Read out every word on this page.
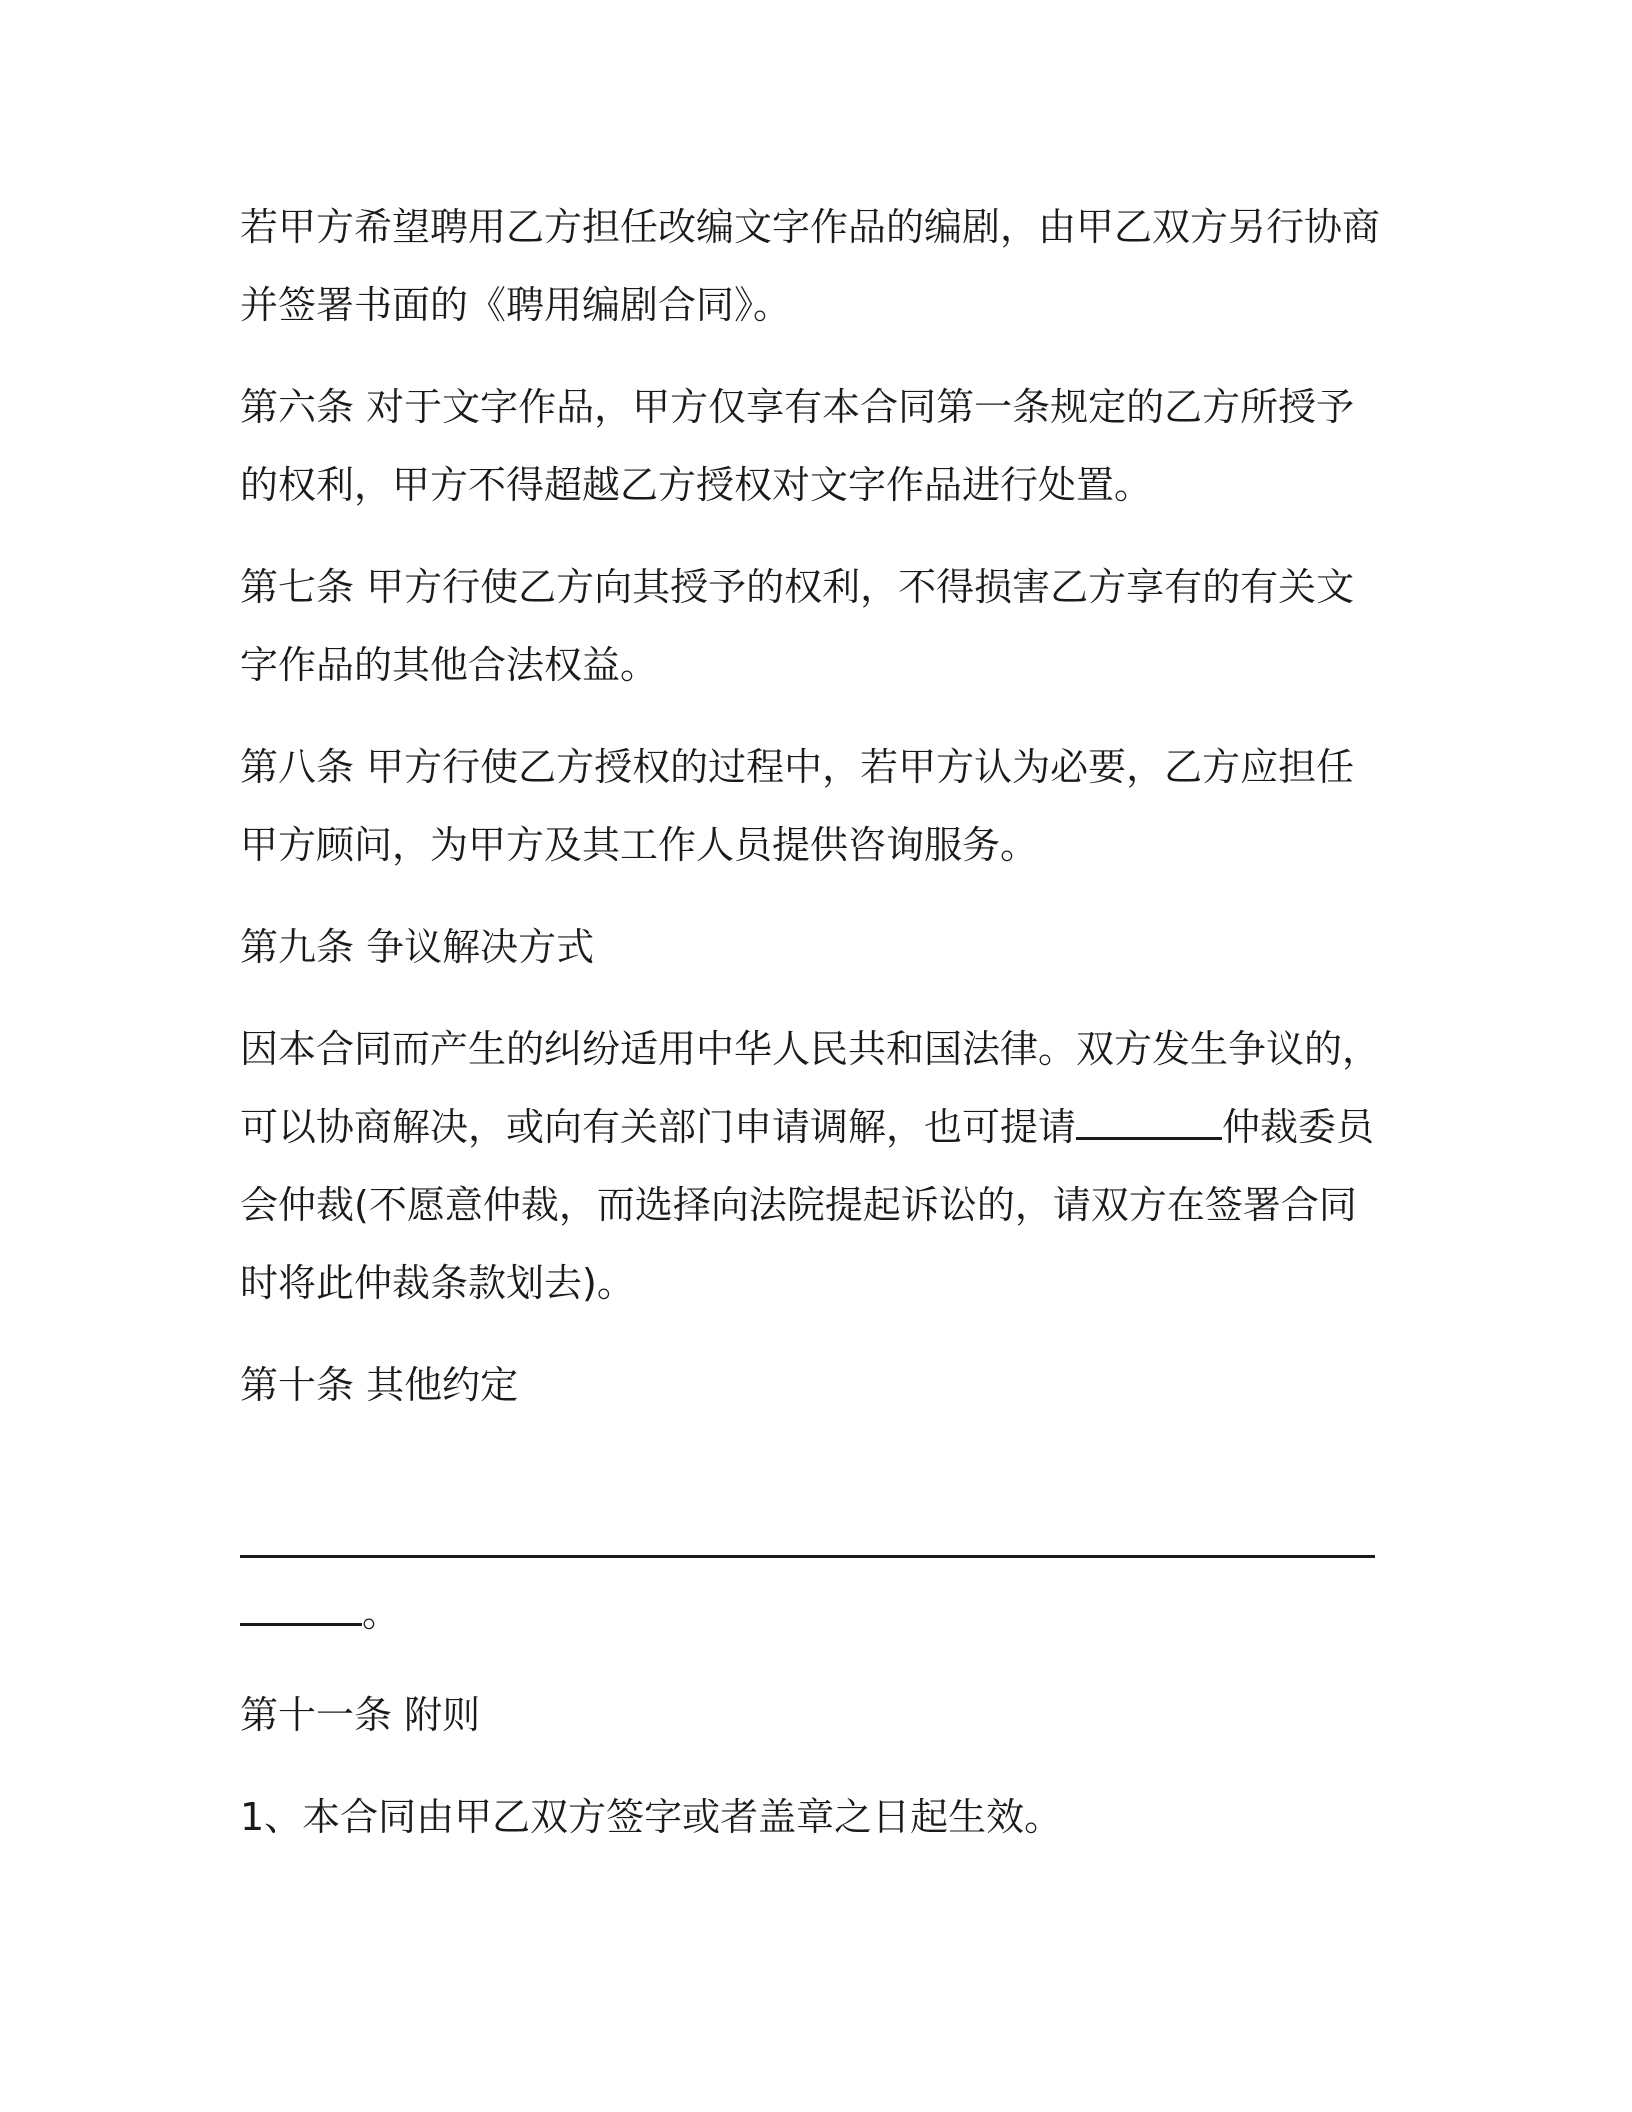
若甲方希望聘用乙方担任改编文字作品的编剧，由甲乙双方另行协商并签署书面的《聘用编剧合同》。

第六条 对于文字作品，甲方仅享有本合同第一条规定的乙方所授予的权利，甲方不得超越乙方授权对文字作品进行处置。

第七条 甲方行使乙方向其授予的权利，不得损害乙方享有的有关文字作品的其他合法权益。

第八条 甲方行使乙方授权的过程中，若甲方认为必要，乙方应担任甲方顾问，为甲方及其工作人员提供咨询服务。

第九条 争议解决方式

因本合同而产生的纠纷适用中华人民共和国法律。双方发生争议的，可以协商解决，或向有关部门申请调解，也可提请	仲裁委员会仲裁(不愿意仲裁，而选择向法院提起诉讼的，请双方在签署合同时将此仲裁条款划去)。

第十条 其他约定

。

第十一条 附则

1、本合同由甲乙双方签字或者盖章之日起生效。
